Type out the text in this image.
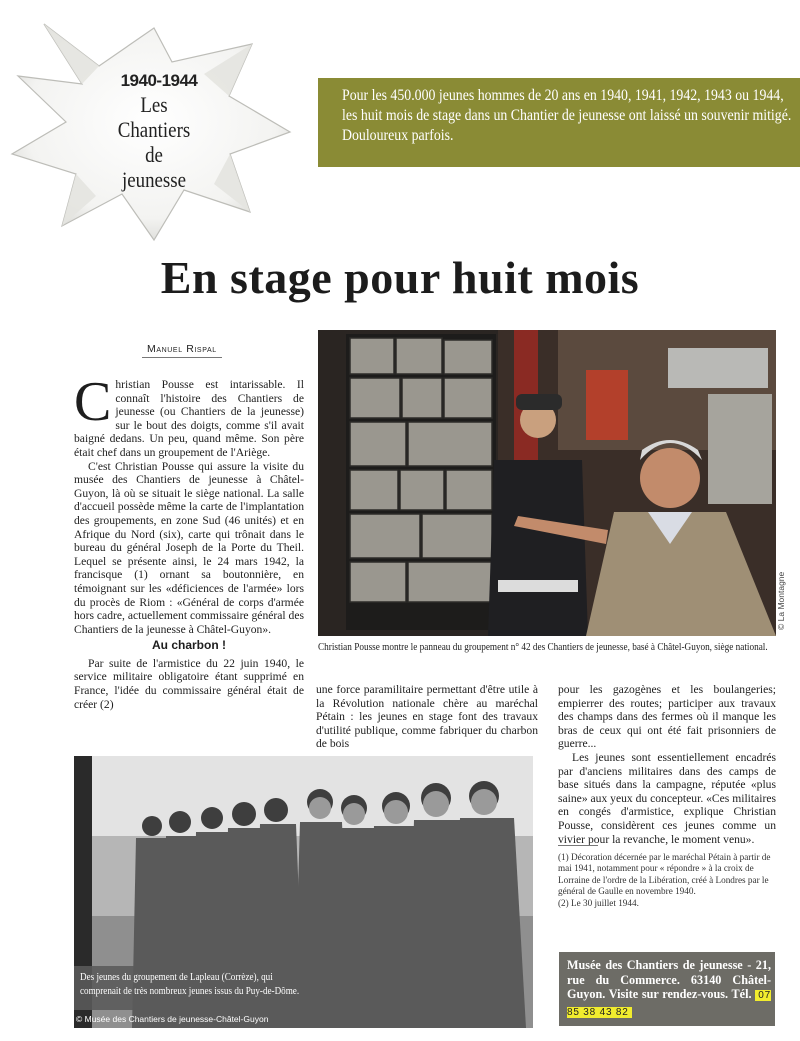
1940-1944
Les Chantiers
de
jeunesse
Pour les 450.000 jeunes hommes de 20 ans en 1940, 1941, 1942, 1943 ou 1944, les huit mois de stage dans un Chantier de jeunesse ont laissé un souvenir mitigé. Douloureux parfois.
En stage pour huit mois
Manuel Rispal

Christian Pousse est intarissable. Il connaît l'histoire des Chantiers de jeunesse (ou Chantiers de la jeunesse) sur le bout des doigts, comme s'il avait baigné dedans. Un peu, quand même. Son père était chef dans un groupement de l'Ariège.

C'est Christian Pousse qui assure la visite du musée des Chantiers de jeunesse à Châtel-Guyon, là où se situait le siège national. La salle d'accueil possède même la carte de l'implantation des groupements, en zone Sud (46 unités) et en Afrique du Nord (six), carte qui trônait dans le bureau du général Joseph de la Porte du Theil. Lequel se présente ainsi, le 24 mars 1942, la francisque (1) ornant sa boutonnière, en témoignant sur les «déficiences de l'armée» lors du procès de Riom : «Général de corps d'armée hors cadre, actuellement commissaire général des Chantiers de la jeunesse à Châtel-Guyon».

Au charbon !

Par suite de l'armistice du 22 juin 1940, le service militaire obligatoire étant supprimé en France, l'idée du commissaire général était de créer (2)

une force paramilitaire permettant d'être utile à la Révolution nationale chère au maréchal Pétain : les jeunes en stage font des travaux d'utilité publique, comme fabriquer du charbon de bois

pour les gazogènes et les boulangeries; empierrer des routes; participer aux travaux des champs dans des fermes où il manque les bras de ceux qui ont été fait prisonniers de guerre...

Les jeunes sont essentiellement encadrés par d'anciens militaires dans des camps de base situés dans la campagne, réputée «plus saine» aux yeux du concepteur. «Ces militaires en congés d'armistice, explique Christian Pousse, considèrent ces jeunes comme un vivier pour la revanche, le moment venu».

© La Montagne
Christian Pousse montre le panneau du groupement n° 42 des Chantiers de jeunesse, basé à Châtel-Guyon, siège national.
Des jeunes du groupement de Lapleau (Corrèze), qui comprenait de très nombreux jeunes issus du Puy-de-Dôme.
© Musée des Chantiers de jeunesse-Châtel-Guyon

(1) Décoration décernée par le maréchal Pétain à partir de mai 1941, notamment pour « répondre » à la croix de Lorraine de l'ordre de la Libération, créé à Londres par le général de Gaulle en novembre 1940.

(2) Le 30 juillet 1944.

Musée des Chantiers de jeunesse - 21, rue du Commerce. 63140 Châtel-Guyon. Visite sur rendez-vous. Tél. 07 85 38 43 82
